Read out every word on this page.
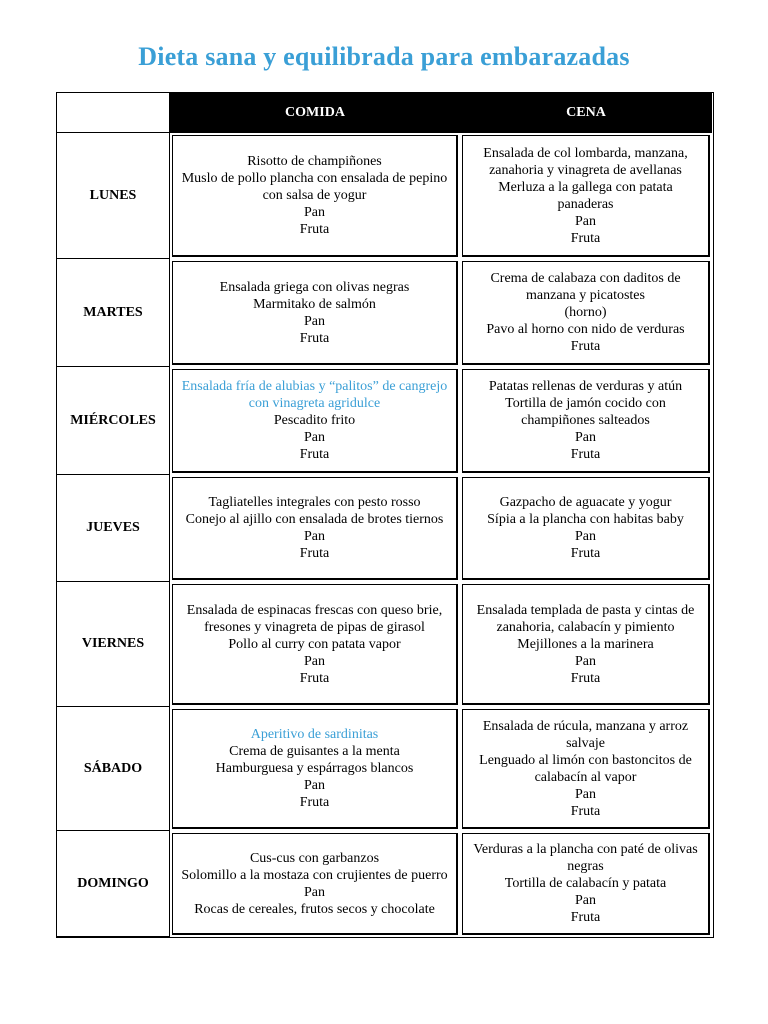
Dieta sana y equilibrada para embarazadas
COMIDA	CENA
LUNES
Risotto de champiñones
Muslo de pollo plancha con ensalada de pepino con salsa de yogur
Pan
Fruta
Ensalada de col lombarda, manzana, zanahoria y vinagreta de avellanas
Merluza a la gallega con patata panaderas
Pan
Fruta
MARTES
Ensalada griega con olivas negras
Marmitako de salmón
Pan
Fruta
Crema de calabaza con daditos de manzana y picatostes
(horno)
Pavo al horno con nido de verduras
Fruta
MIÉRCOLES
Ensalada fría de alubias y “palitos” de cangrejo con vinagreta agridulce
Pescadito frito
Pan
Fruta
Patatas rellenas de verduras y atún
Tortilla de jamón cocido con champiñones salteados
Pan
Fruta
JUEVES
Tagliatelles integrales con pesto rosso
Conejo al ajillo con ensalada de brotes tiernos
Pan
Fruta
Gazpacho de aguacate y yogur
Sípia a la plancha con habitas baby
Pan
Fruta
VIERNES
Ensalada de espinacas frescas con queso brie, fresones y vinagreta de pipas de girasol
Pollo al curry con patata vapor
Pan
Fruta
Ensalada templada de pasta y cintas de zanahoria, calabacín y pimiento
Mejillones a la marinera
Pan
Fruta
SÁBADO
Aperitivo de sardinitas
Crema de guisantes a la menta
Hamburguesa y espárragos blancos
Pan
Fruta
Ensalada de rúcula, manzana y arroz salvaje
Lenguado al limón con bastoncitos de calabacín al vapor
Pan
Fruta
DOMINGO
Cus-cus con garbanzos
Solomillo a la mostaza con crujientes de puerro
Pan
Rocas de cereales, frutos secos y chocolate
Verduras a la plancha con paté de olivas negras
Tortilla de calabacín y patata
Pan
Fruta
